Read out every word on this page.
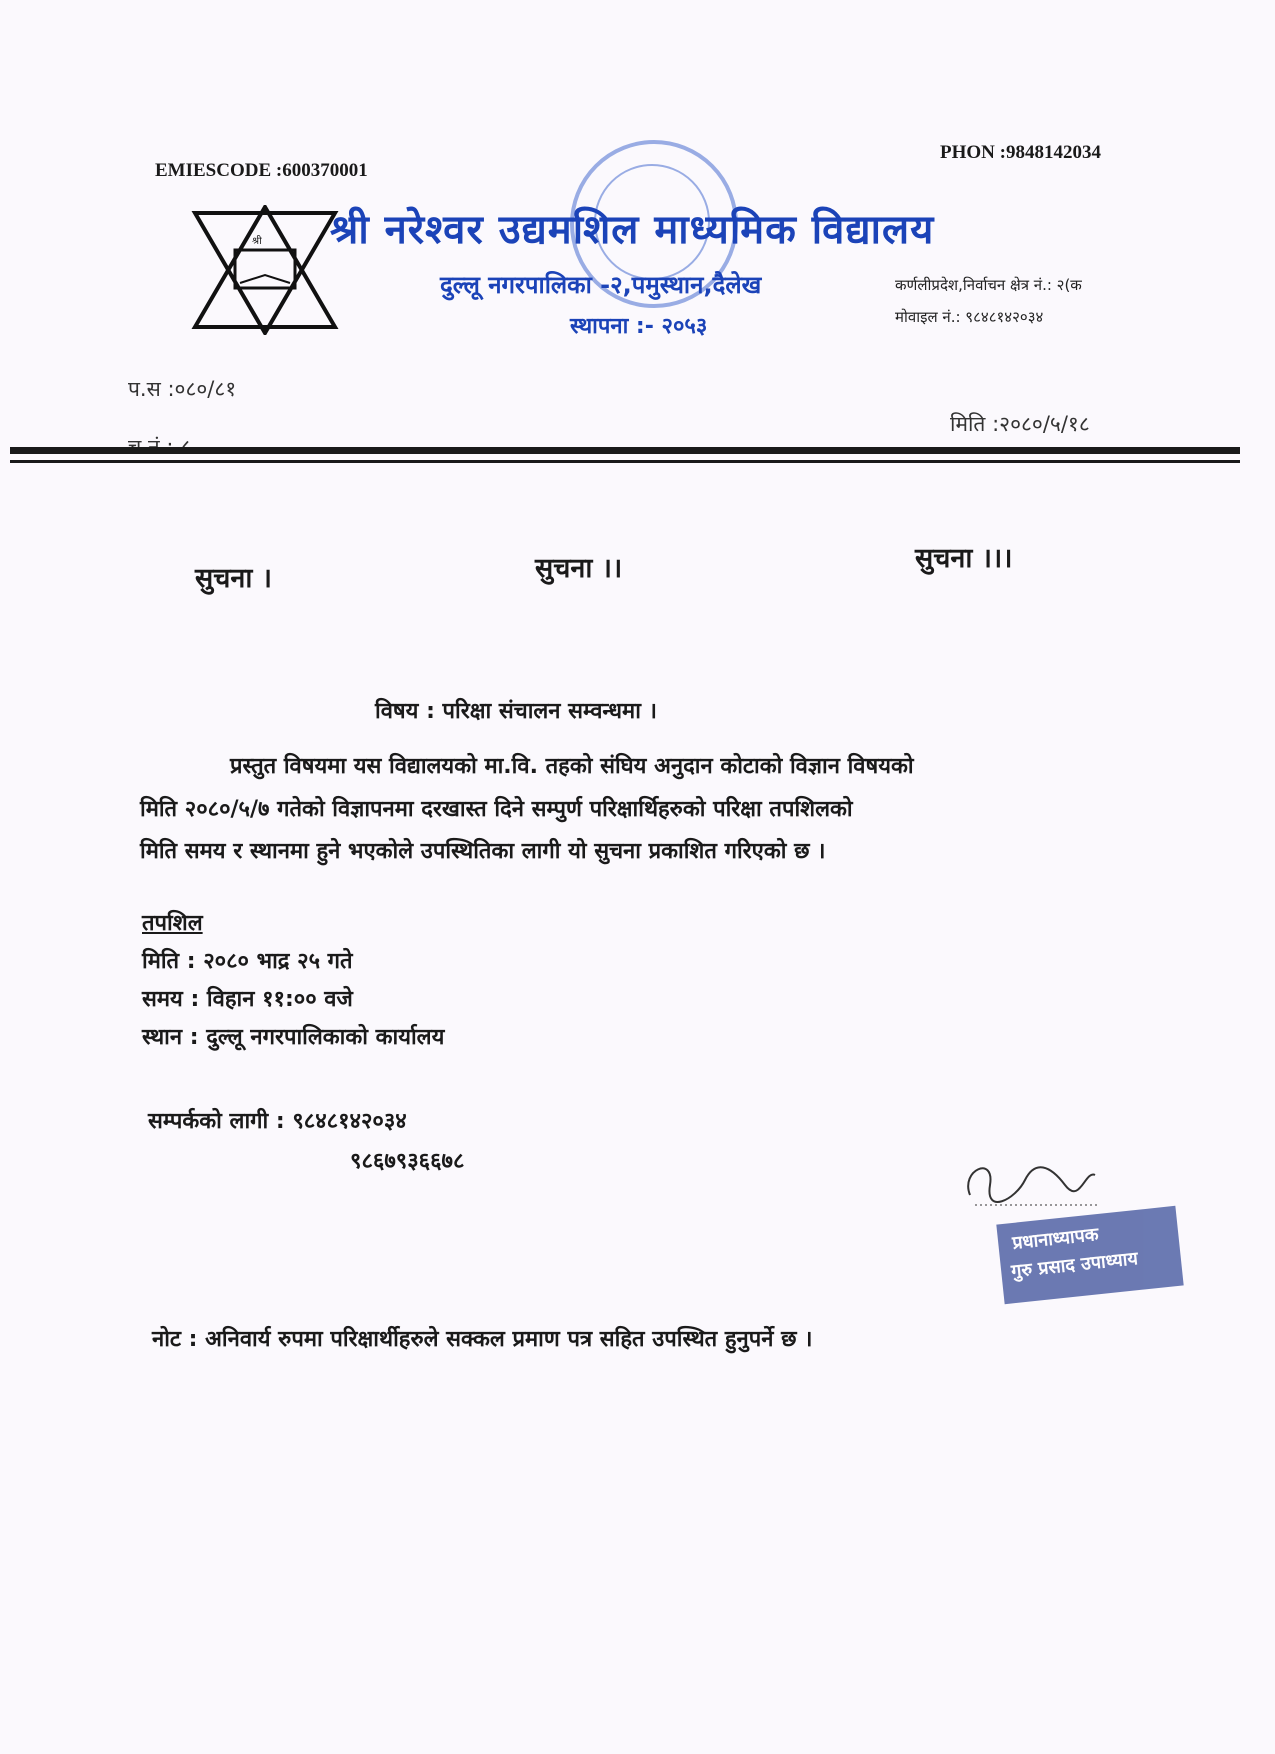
EMIESCODE :600370001
PHON :9848142034
श्री श्री नरेश्वर उद्यमशिल माध्यमिक विद्यालय
दुल्लू नगरपालिका -२,पमुस्थान,दैलेख
स्थापना :- २०५३
कर्णलीप्रदेश,निर्वाचन क्षेत्र नं.: २(क
मोवाइल नं.: ९८४८१४२०३४
प.स :०८०/८१
मिति :२०८०/५/१८
सुचना ।	सुचना ।।	सुचना ।।।
विषय : परिक्षा संचालन सम्वन्धमा ।
प्रस्तुत विषयमा यस विद्यालयको मा.वि. तहको संघिय अनुदान कोटाको विज्ञान विषयको
मिति २०८०/५/७ गतेको विज्ञापनमा दरखास्त दिने सम्पुर्ण परिक्षार्थिहरुको परिक्षा तपशिलको
मिति समय र स्थानमा हुने भएकोले उपस्थितिका लागी यो सुचना प्रकाशित गरिएको छ ।
तपशिल
मिति : २०८० भाद्र २५ गते
समय : विहान ११:०० वजे
स्थान : दुल्लू नगरपालिकाको कार्यालय
सम्पर्कको लागी : ९८४८१४२०३४
९८६७९३६६७८
प्रधानाध्यापक
गुरु प्रसाद उपाध्याय
नोट : अनिवार्य रुपमा परिक्षार्थीहरुले सक्कल प्रमाण पत्र सहित उपस्थित हुनुपर्ने छ ।
